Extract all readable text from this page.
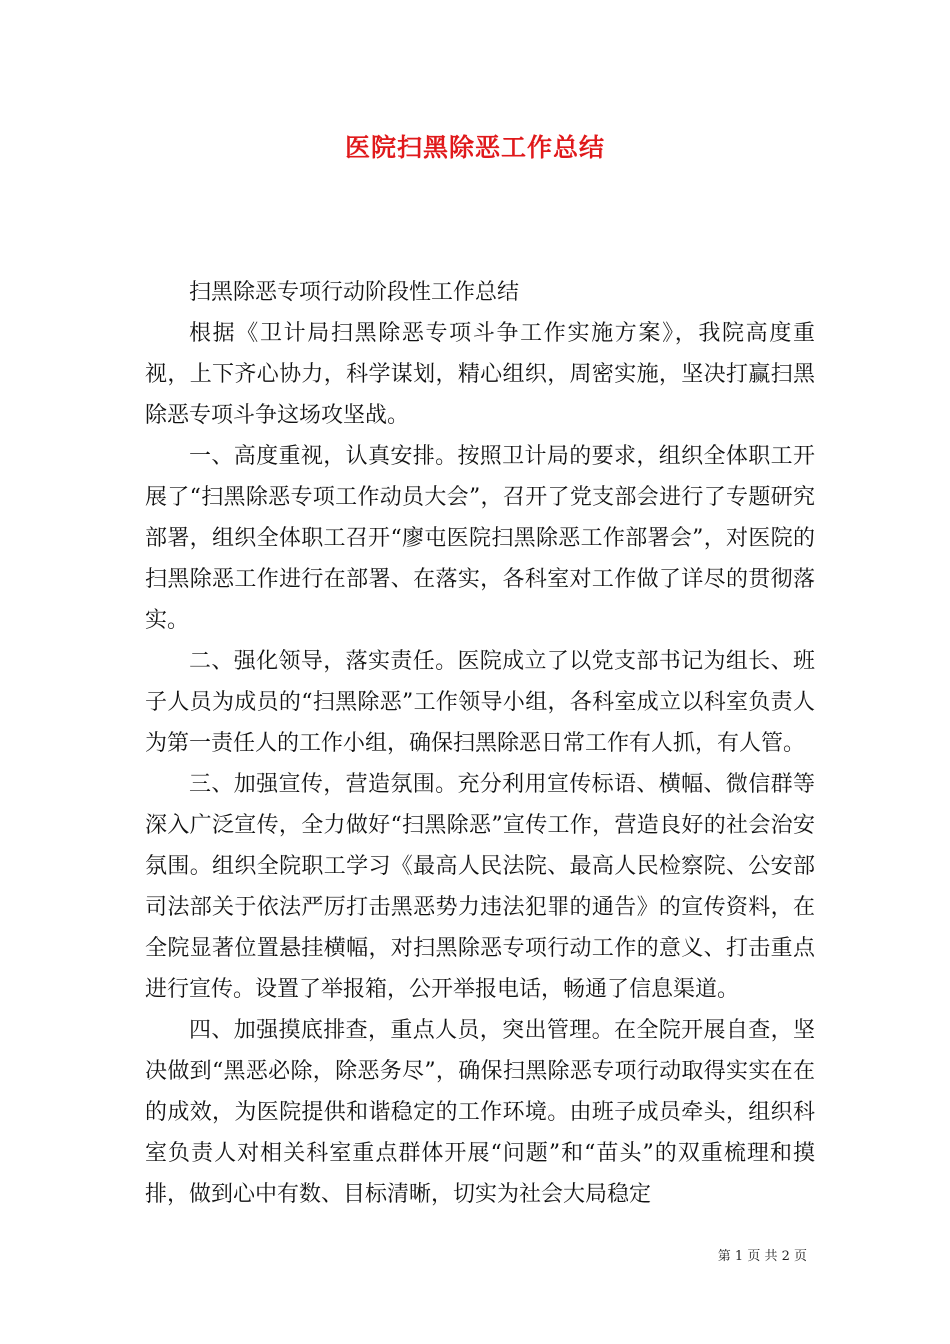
医院扫黑除恶工作总结

扫黑除恶专项行动阶段性工作总结

根据《卫计局扫黑除恶专项斗争工作实施方案》，我院高度重视，上下齐心协力，科学谋划，精心组织，周密实施，坚决打赢扫黑除恶专项斗争这场攻坚战。

一、高度重视，认真安排。按照卫计局的要求，组织全体职工开展了“扫黑除恶专项工作动员大会”，召开了党支部会进行了专题研究部署，组织全体职工召开“廖屯医院扫黑除恶工作部署会”，对医院的扫黑除恶工作进行在部署、在落实，各科室对工作做了详尽的贯彻落实。

二、强化领导，落实责任。医院成立了以党支部书记为组长、班子人员为成员的“扫黑除恶”工作领导小组，各科室成立以科室负责人为第一责任人的工作小组，确保扫黑除恶日常工作有人抓，有人管。

三、加强宣传，营造氛围。充分利用宣传标语、横幅、微信群等深入广泛宣传，全力做好“扫黑除恶”宣传工作，营造良好的社会治安氛围。组织全院职工学习《最高人民法院、最高人民检察院、公安部司法部关于依法严厉打击黑恶势力违法犯罪的通告》的宣传资料，在全院显著位置悬挂横幅，对扫黑除恶专项行动工作的意义、打击重点进行宣传。设置了举报箱，公开举报电话，畅通了信息渠道。

四、加强摸底排查，重点人员，突出管理。在全院开展自查，坚决做到“黑恶必除，除恶务尽”，确保扫黑除恶专项行动取得实实在在的成效，为医院提供和谐稳定的工作环境。由班子成员牵头，组织科室负责人对相关科室重点群体开展“问题”和“苗头”的双重梳理和摸排，做到心中有数、目标清晰，切实为社会大局稳定

第 1 页 共 2 页
